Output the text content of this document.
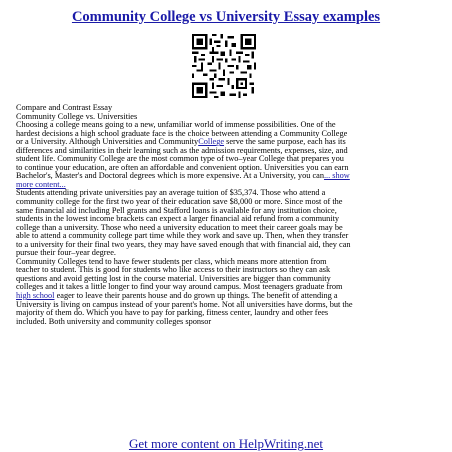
Community College vs University Essay examples
Compare and Contrast Essay
Community College vs. Universities
Choosing a college means going to a new, unfamiliar world of immense possibilities. One of the
hardest decisions a high school graduate face is the choice between attending a Community College
or a University. Although Universities and CommunityCollege serve the same purpose, each has its
differences and similarities in their learning such as the admission requirements, expenses, size, and
student life. Community College are the most common type of two–year College that prepares you
to continue your education, are often an affordable and convenient option. Universities you can earn
Bachelor's, Master's and Doctoral degrees which is more expensive. At a University, you can... show
more content...
Students attending private universities pay an average tuition of $35,374. Those who attend a
community college for the first two year of their education save $8,000 or more. Since most of the
same financial aid including Pell grants and Stafford loans is available for any institution choice,
students in the lowest income brackets can expect a larger financial aid refund from a community
college than a university. Those who need a university education to meet their career goals may be
able to attend a community college part time while they work and save up. Then, when they transfer
to a university for their final two years, they may have saved enough that with financial aid, they can
pursue their four–year degree.
Community Colleges tend to have fewer students per class, which means more attention from
teacher to student. This is good for students who like access to their instructors so they can ask
questions and avoid getting lost in the course material. Universities are bigger than community
colleges and it takes a little longer to find your way around campus. Most teenagers graduate from
high school eager to leave their parents house and do grown up things. The benefit of attending a
University is living on campus instead of your parent's home. Not all universities have dorms, but the
majority of them do. Which you have to pay for parking, fitness center, laundry and other fees
included. Both university and community colleges sponsor
Get more content on HelpWriting.net
